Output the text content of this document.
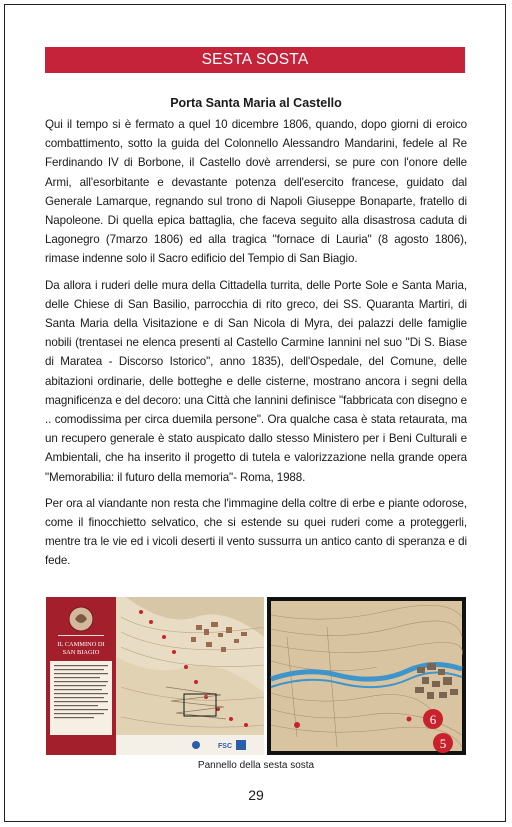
SESTA SOSTA
Porta Santa Maria al Castello

Qui il tempo si è fermato a quel 10 dicembre 1806, quando, dopo giorni di eroico combattimento, sotto la guida del Colonnello Alessandro Mandarini, fedele al Re Ferdinando IV di Borbone, il Castello dovè arrendersi, se pure con l'onore delle Armi, all'esorbitante e devastante potenza dell'esercito francese, guidato dal Generale Lamarque, regnando sul trono di Napoli Giuseppe Bonaparte, fratello di Napoleone. Di quella epica battaglia, che faceva seguito alla disastrosa caduta di Lagonegro (7marzo 1806) ed alla tragica "fornace di Lauria" (8 agosto 1806), rimase indenne solo il Sacro edificio del Tempio di San Biagio.

Da allora i ruderi delle mura della Cittadella turrita, delle Porte Sole e Santa Maria, delle Chiese di San Basilio, parrocchia di rito greco, dei SS. Quaranta Martiri, di Santa Maria della Visitazione e di San Nicola di Myra, dei palazzi delle famiglie nobili (trentasei ne elenca presenti al Castello Carmine Iannini nel suo "Di S. Biase di Maratea - Discorso Istorico", anno 1835), dell'Ospedale, del Comune, delle abitazioni ordinarie, delle botteghe e delle cisterne, mostrano ancora i segni della magnificenza e del decoro: una Città che Iannini definisce "fabbricata con disegno e .. comodissima per circa duemila persone". Ora qualche casa è stata retaurata, ma un recupero generale è stato auspicato dallo stesso Ministero per i Beni Culturali e Ambientali, che ha inserito il progetto di tutela e valorizzazione nella grande opera "Memorabilia: il futuro della memoria"- Roma, 1988.

Per ora al viandante non resta che l'immagine della coltre di erbe e piante odorose, come il finocchietto selvatico, che si estende su quei ruderi come a proteggerli, mentre tra le vie ed i vicoli deserti il vento sussurra un antico canto di speranza e di fede.

IL CAMMINO DI
SAN BIAGIO
FSC
6
5
Pannello della sesta sosta
29
